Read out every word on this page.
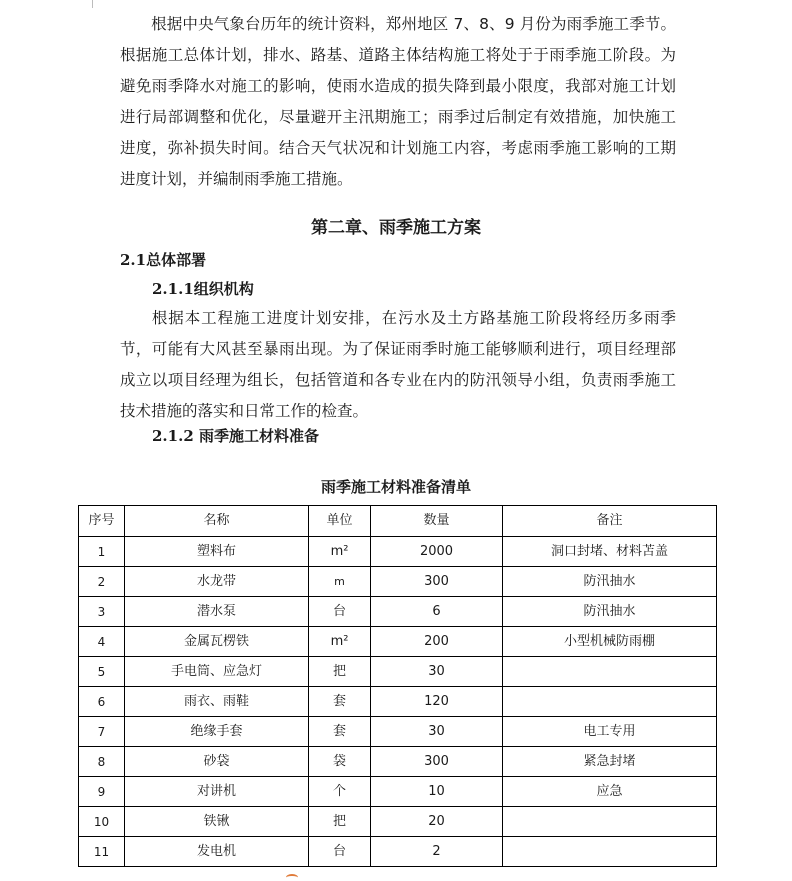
根据中央气象台历年的统计资料，郑州地区 7、8、9 月份为雨季施工季节。根据施工总体计划，排水、路基、道路主体结构施工将处于于雨季施工阶段。为避免雨季降水对施工的影响，使雨水造成的损失降到最小限度，我部对施工计划进行局部调整和优化，尽量避开主汛期施工；雨季过后制定有效措施，加快施工进度，弥补损失时间。结合天气状况和计划施工内容，考虑雨季施工影响的工期进度计划，并编制雨季施工措施。

第二章、雨季施工方案
2.1总体部署
2.1.1组织机构

根据本工程施工进度计划安排，在污水及土方路基施工阶段将经历多雨季节，可能有大风甚至暴雨出现。为了保证雨季时施工能够顺利进行，项目经理部成立以项目经理为组长，包括管道和各专业在内的防汛领导小组，负责雨季施工技术措施的落实和日常工作的检查。

2.1.2 雨季施工材料准备
雨季施工材料准备清单
序号	名称	单位	数量	备注
1	塑料布	m²	2000	洞口封堵、材料苫盖
2	水龙带	m	300	防汛抽水
3	潜水泵	台	6	防汛抽水
4	金属瓦楞铁	m²	200	小型机械防雨棚
5	手电筒、应急灯	把	30	
6	雨衣、雨鞋	套	120	
7	绝缘手套	套	30	电工专用
8	砂袋	袋	300	紧急封堵
9	对讲机	个	10	应急
10	铁锹	把	20	
11	发电机	台	2	
